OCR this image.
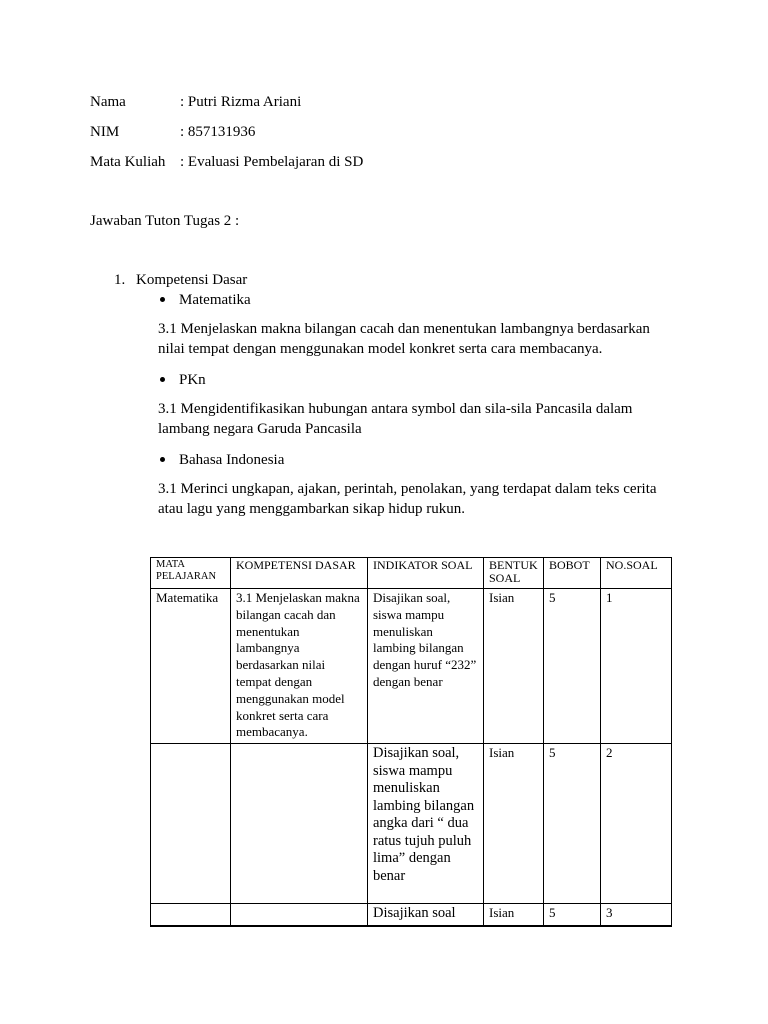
Nama	: Putri Rizma Ariani
NIM	: 857131936
Mata Kuliah : Evaluasi Pembelajaran di SD
Jawaban Tuton Tugas 2 :
1. Kompetensi Dasar
Matematika
3.1 Menjelaskan makna bilangan cacah dan menentukan lambangnya berdasarkan nilai tempat dengan menggunakan model konkret serta cara membacanya.
PKn
3.1 Mengidentifikasikan hubungan antara symbol dan sila-sila Pancasila dalam lambang negara Garuda Pancasila
Bahasa Indonesia
3.1 Merinci ungkapan, ajakan, perintah, penolakan, yang terdapat dalam teks cerita atau lagu yang menggambarkan sikap hidup rukun.
MATA PELAJARAN	KOMPETENSI DASAR	INDIKATOR SOAL	BENTUK SOAL	BOBOT	NO.SOAL
Matematika	3.1 Menjelaskan makna bilangan cacah dan menentukan lambangnya berdasarkan nilai tempat dengan menggunakan model konkret serta cara membacanya.	Disajikan soal, siswa mampu menuliskan lambing bilangan dengan huruf “232” dengan benar	Isian	5	1
		Disajikan soal, siswa mampu menuliskan lambing bilangan angka dari “ dua ratus tujuh puluh lima” dengan benar	Isian	5	2
		Disajikan soal	Isian	5	3
